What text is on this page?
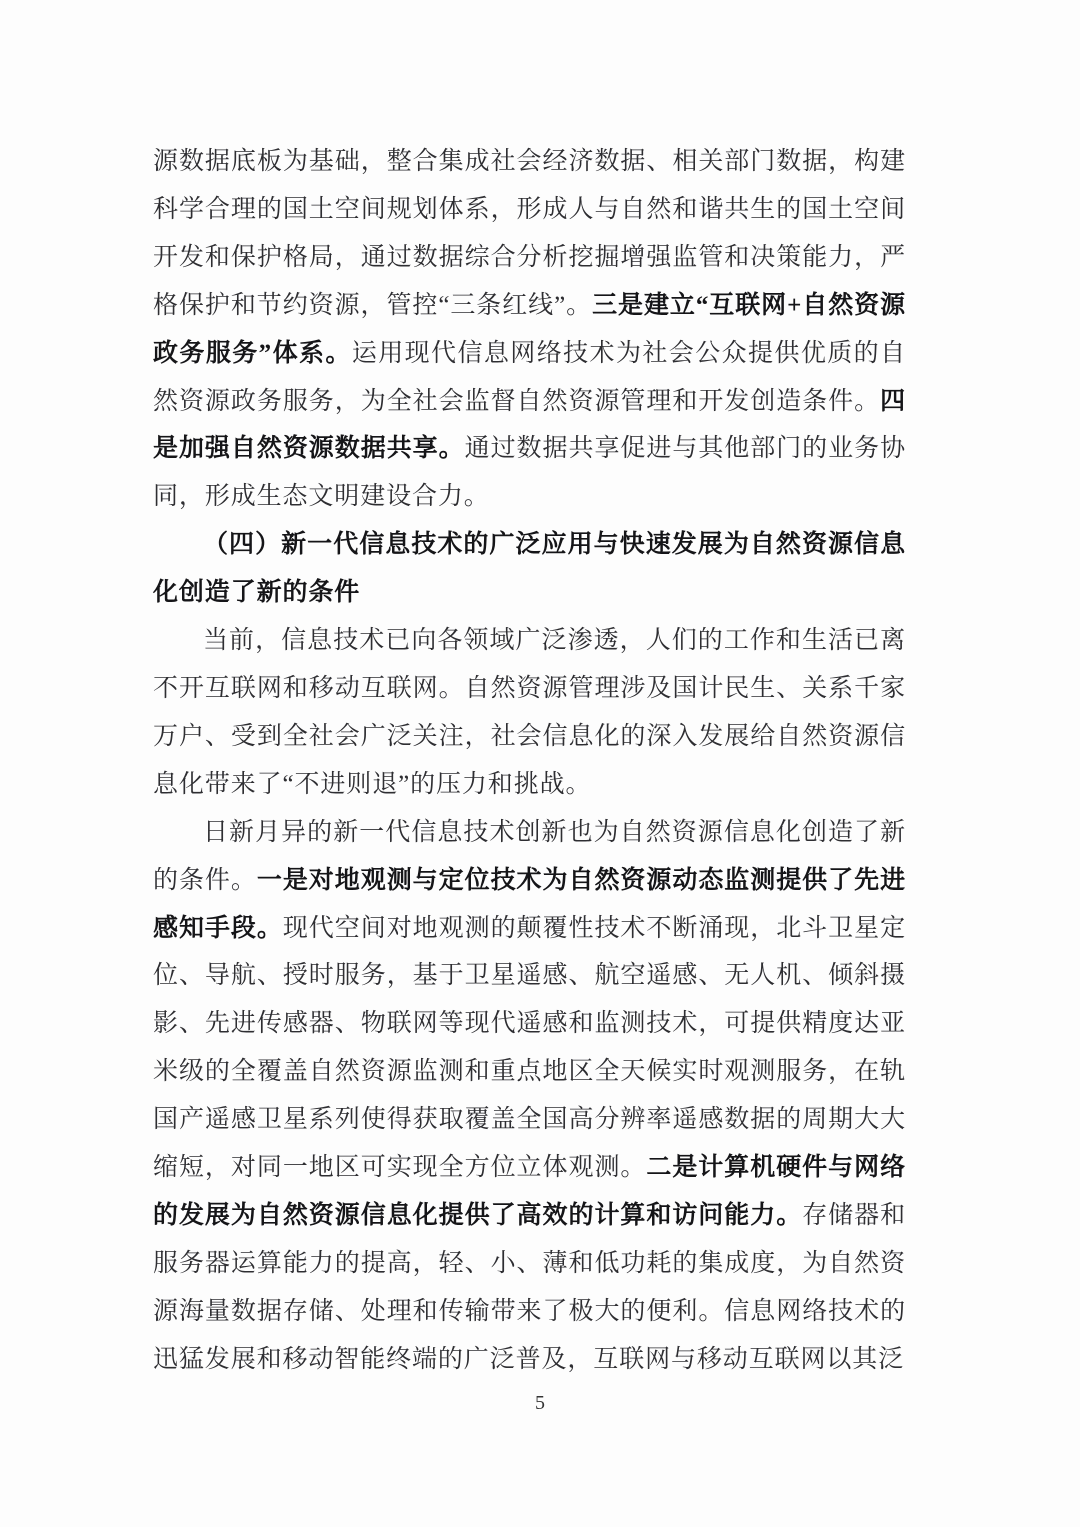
源数据底板为基础，整合集成社会经济数据、相关部门数据，构建科学合理的国土空间规划体系，形成人与自然和谐共生的国土空间开发和保护格局，通过数据综合分析挖掘增强监管和决策能力，严格保护和节约资源，管控“三条红线”。三是建立“互联网+自然资源政务服务”体系。运用现代信息网络技术为社会公众提供优质的自然资源政务服务，为全社会监督自然资源管理和开发创造条件。四是加强自然资源数据共享。通过数据共享促进与其他部门的业务协同，形成生态文明建设合力。

（四）新一代信息技术的广泛应用与快速发展为自然资源信息化创造了新的条件

当前，信息技术已向各领域广泛渗透，人们的工作和生活已离不开互联网和移动互联网。自然资源管理涉及国计民生、关系千家万户、受到全社会广泛关注，社会信息化的深入发展给自然资源信息化带来了“不进则退”的压力和挑战。

日新月异的新一代信息技术创新也为自然资源信息化创造了新的条件。一是对地观测与定位技术为自然资源动态监测提供了先进感知手段。现代空间对地观测的颠覆性技术不断涌现，北斗卫星定位、导航、授时服务，基于卫星遥感、航空遥感、无人机、倾斜摄影、先进传感器、物联网等现代遥感和监测技术，可提供精度达亚米级的全覆盖自然资源监测和重点地区全天候实时观测服务，在轨国产遥感卫星系列使得获取覆盖全国高分辨率遥感数据的周期大大缩短，对同一地区可实现全方位立体观测。二是计算机硬件与网络的发展为自然资源信息化提供了高效的计算和访问能力。存储器和服务器运算能力的提高，轻、小、薄和低功耗的集成度，为自然资源海量数据存储、处理和传输带来了极大的便利。信息网络技术的迅猛发展和移动智能终端的广泛普及，互联网与移动互联网以其泛

5
